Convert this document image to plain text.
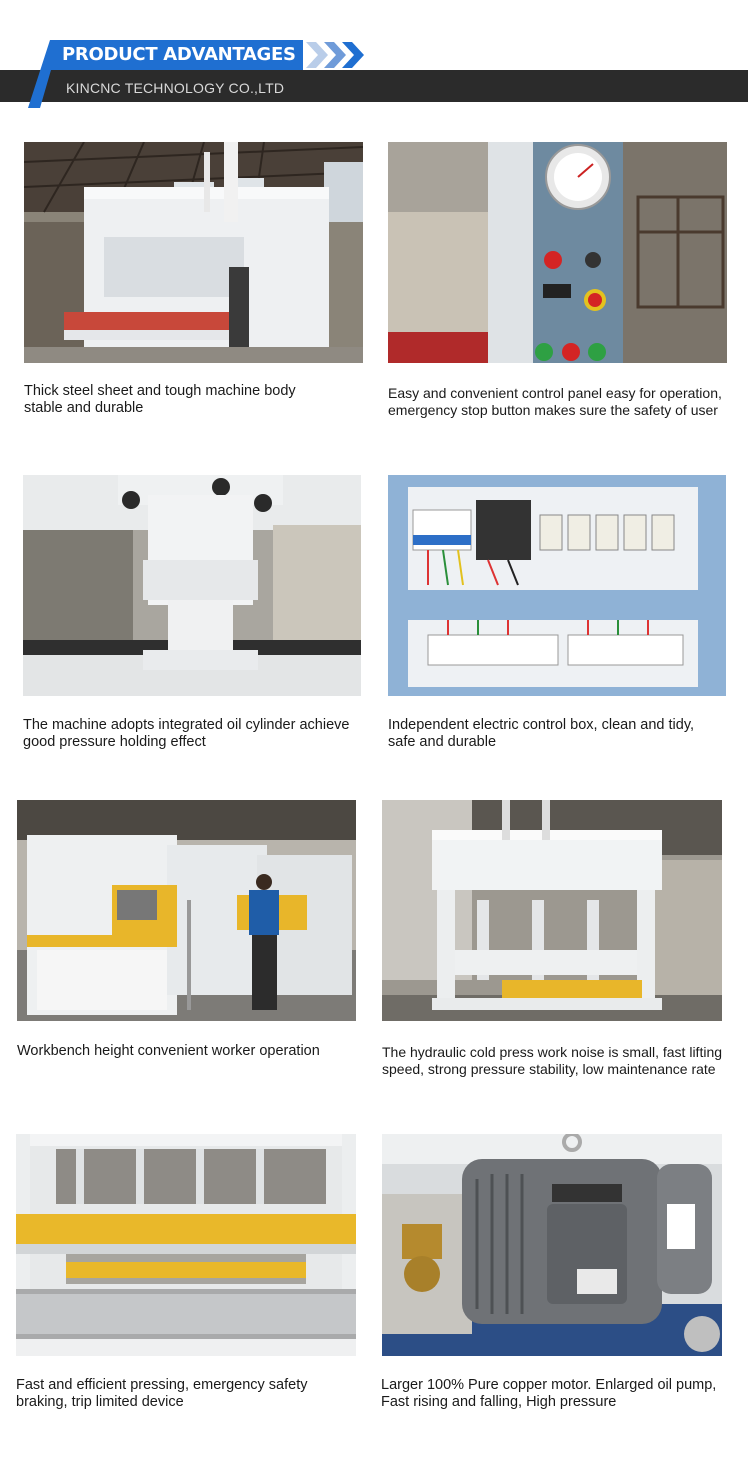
PRODUCT ADVANTAGES
KINCNC TECHNOLOGY CO.,LTD

Thick steel sheet and tough machine body
stable and durable

Easy and convenient control panel easy for operation,
emergency stop button makes sure the safety of user

The machine adopts integrated oil cylinder achieve
good pressure holding effect

Independent electric control box, clean and tidy,
safe and durable

Workbench height convenient worker operation	The hydraulic cold press work noise is small, fast lifting
speed, strong pressure stability, low maintenance rate

Fast and efficient pressing, emergency safety
braking, trip limited device

Larger 100% Pure copper motor. Enlarged oil pump,
Fast rising and falling, High pressure
